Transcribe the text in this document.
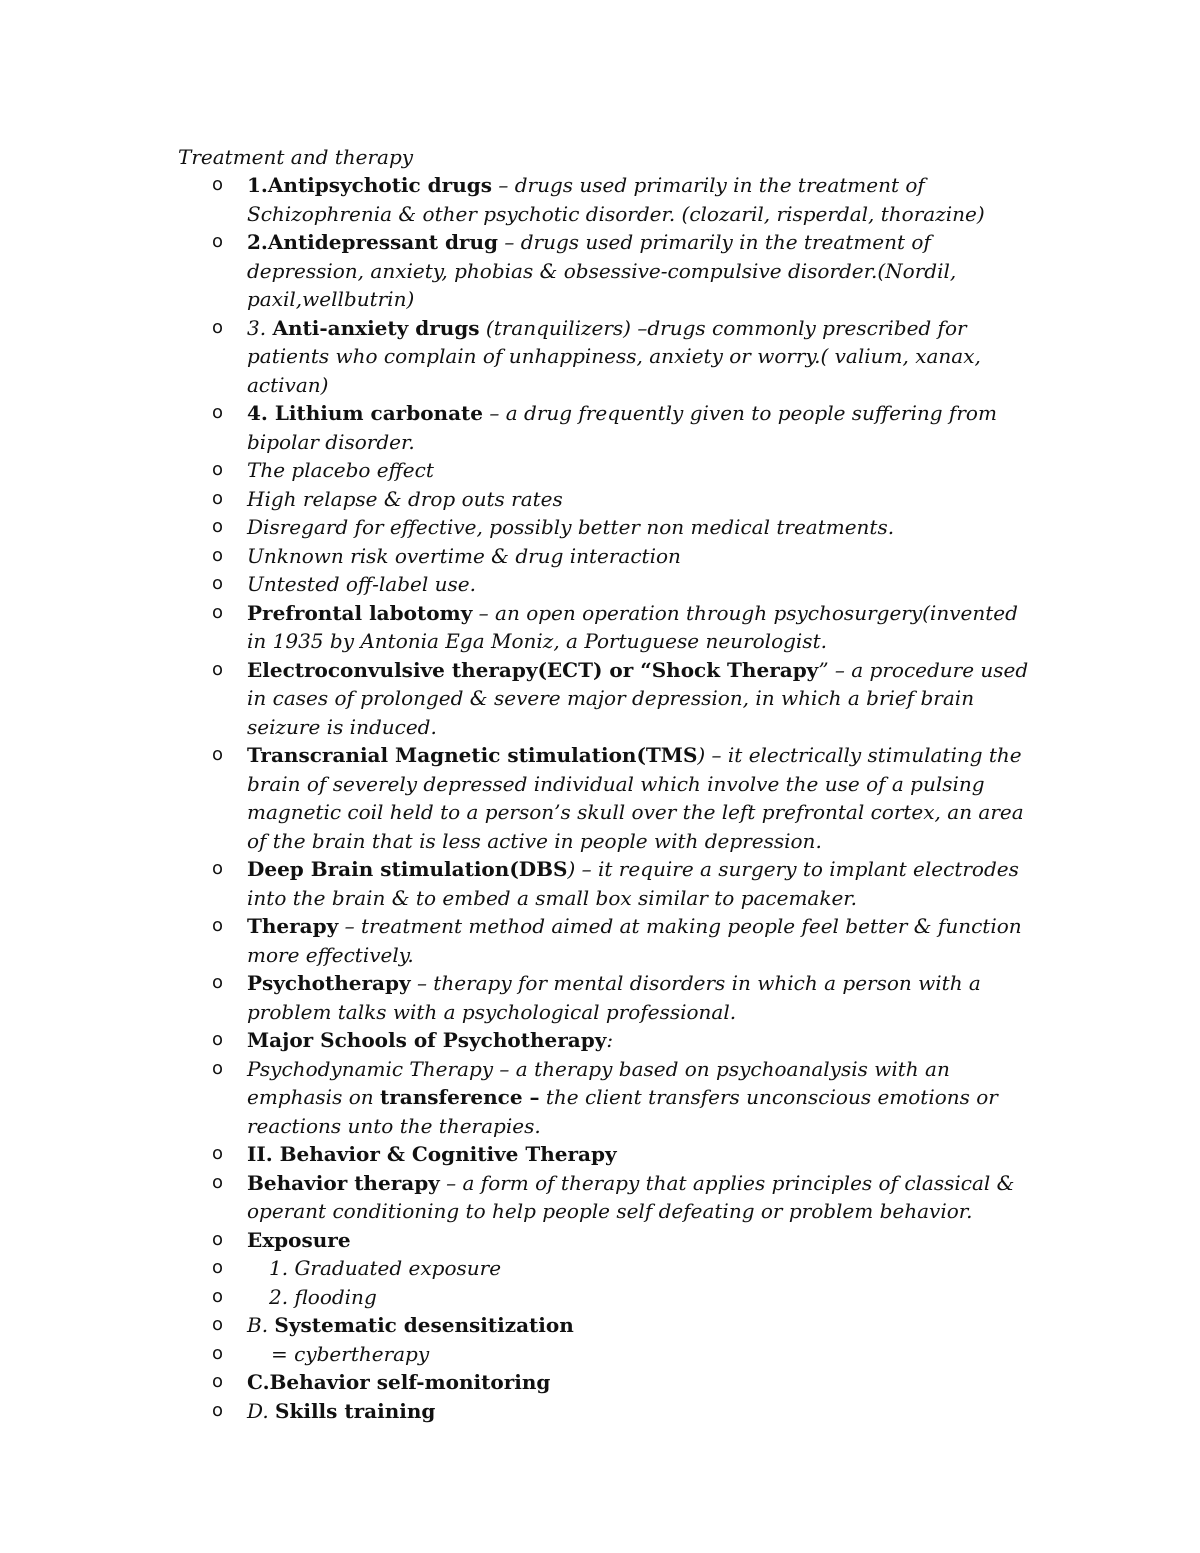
Treatment and therapy
o 1.Antipsychotic drugs – drugs used primarily in the treatment of Schizophrenia & other psychotic disorder. (clozaril, risperdal, thorazine)
o 2.Antidepressant drug – drugs used primarily in the treatment of depression, anxiety, phobias & obsessive-compulsive disorder.(Nordil, paxil,wellbutrin)
o 3. Anti-anxiety drugs (tranquilizers) –drugs commonly prescribed for patients who complain of unhappiness, anxiety or worry.( valium, xanax, activan)
o 4. Lithium carbonate – a drug frequently given to people suffering from bipolar disorder.
o The placebo effect
o High relapse & drop outs rates
o Disregard for effective, possibly better non medical treatments.
o Unknown risk overtime & drug interaction
o Untested off-label use.
o Prefrontal labotomy – an open operation through psychosurgery(invented in 1935 by Antonia Ega Moniz, a Portuguese neurologist.
o Electroconvulsive therapy(ECT) or “Shock Therapy” – a procedure used in cases of prolonged & severe major depression, in which a brief brain seizure is induced.
o Transcranial Magnetic stimulation(TMS) – it electrically stimulating the brain of severely depressed individual which involve the use of a pulsing magnetic coil held to a person’s skull over the left prefrontal cortex, an area of the brain that is less active in people with depression.
o Deep Brain stimulation(DBS) – it require a surgery to implant electrodes into the brain & to embed a small box similar to pacemaker.
o Therapy – treatment method aimed at making people feel better & function more effectively.
o Psychotherapy – therapy for mental disorders in which a person with a problem talks with a psychological professional.
o Major Schools of Psychotherapy:
o Psychodynamic Therapy – a therapy based on psychoanalysis with an emphasis on transference – the client transfers unconscious emotions or reactions unto the therapies.
o II. Behavior & Cognitive Therapy
o Behavior therapy – a form of therapy that applies principles of classical & operant conditioning to help people self defeating or problem behavior.
o Exposure
o 1. Graduated exposure
o 2. flooding
o B. Systematic desensitization
o = cybertherapy
o C.Behavior self-monitoring
o D. Skills training
